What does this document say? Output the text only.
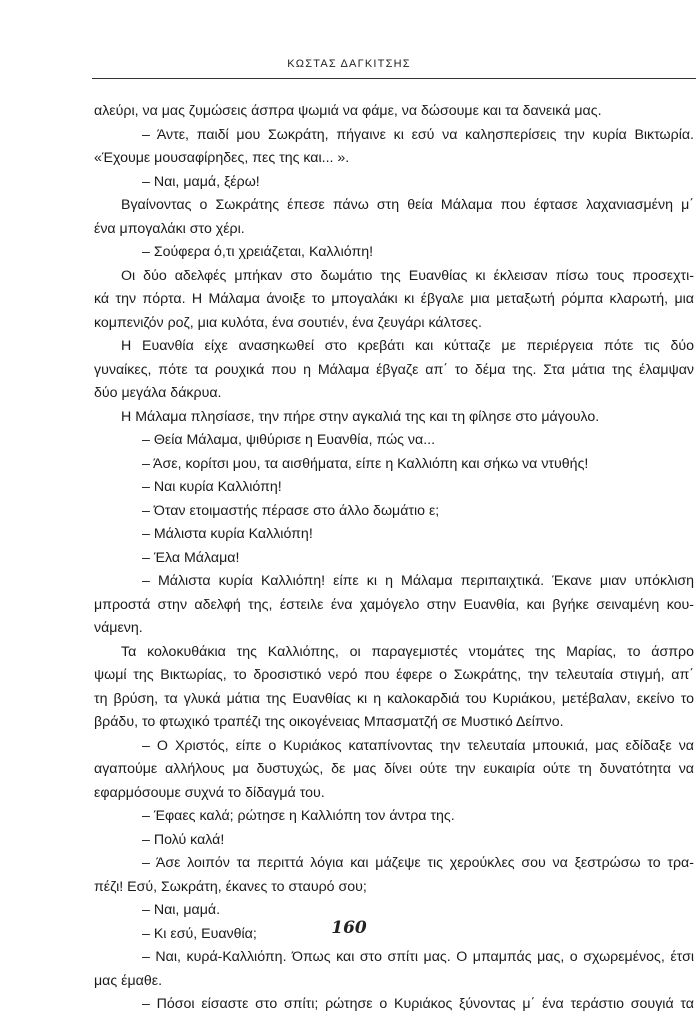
ΚΩΣΤΑΣ ΔΑΓΚΙΤΣΗΣ
αλεύρι, να μας ζυμώσεις άσπρα ψωμιά να φάμε, να δώσουμε και τα δανεικά μας.
– Άντε, παιδί μου Σωκράτη, πήγαινε κι εσύ να καλησπερίσεις την κυρία Βικτωρία.
«Έχουμε μουσαφίρηδες, πες της και... ».
– Ναι, μαμά, ξέρω!
Βγαίνοντας ο Σωκράτης έπεσε πάνω στη θεία Μάλαμα που έφτασε λαχανιασμένη μ΄
ένα μπογαλάκι στο χέρι.
– Σούφερα ό,τι χρειάζεται, Καλλιόπη!
Οι δύο αδελφές μπήκαν στο δωμάτιο της Ευανθίας κι έκλεισαν πίσω τους προσεχτι-
κά την πόρτα. Η Μάλαμα άνοιξε το μπογαλάκι κι έβγαλε μια μεταξωτή ρόμπα κλαρωτή, μια
κομπενιζόν ροζ, μια κυλότα, ένα σουτιέν, ένα ζευγάρι κάλτσες.
Η Ευανθία είχε ανασηκωθεί στο κρεβάτι και κύτταζε με περιέργεια πότε τις δύο
γυναίκες, πότε τα ρουχικά που η Μάλαμα έβγαζε απ΄ το δέμα της. Στα μάτια της έλαμψαν
δύο μεγάλα δάκρυα.
Η Μάλαμα πλησίασε, την πήρε στην αγκαλιά της και τη φίλησε στο μάγουλο.
– Θεία Μάλαμα, ψιθύρισε η Ευανθία, πώς να...
– Άσε, κορίτσι μου, τα αισθήματα, είπε η Καλλιόπη και σήκω να ντυθής!
– Ναι κυρία Καλλιόπη!
– Όταν ετοιμαστής πέρασε στο άλλο δωμάτιο ε;
– Μάλιστα κυρία Καλλιόπη!
– Έλα Μάλαμα!
– Μάλιστα κυρία Καλλιόπη! είπε κι η Μάλαμα περιπαιχτικά. Έκανε μιαν υπόκλιση
μπροστά στην αδελφή της, έστειλε ένα χαμόγελο στην Ευανθία, και βγήκε σειναμένη κου-
νάμενη.
Τα κολοκυθάκια της Καλλιόπης, οι παραγεμιστές ντομάτες της Μαρίας, το άσπρο
ψωμί της Βικτωρίας, το δροσιστικό νερό που έφερε ο Σωκράτης, την τελευταία στιγμή, απ΄
τη βρύση, τα γλυκά μάτια της Ευανθίας κι η καλοκαρδιά του Κυριάκου, μετέβαλαν, εκείνο το
βράδυ, το φτωχικό τραπέζι της οικογένειας Μπασματζή σε Μυστικό Δείπνο.
– Ο Χριστός, είπε ο Κυριάκος καταπίνοντας την τελευταία μπουκιά, μας εδίδαξε να
αγαπούμε αλλήλους μα δυστυχώς, δε μας δίνει ούτε την ευκαιρία ούτε τη δυνατότητα να
εφαρμόσουμε συχνά το δίδαγμά του.
– Έφαες καλά; ρώτησε η Καλλιόπη τον άντρα της.
– Πολύ καλά!
– Άσε λοιπόν τα περιττά λόγια και μάζεψε τις χερούκλες σου να ξεστρώσω το τρα-
πέζι! Εσύ, Σωκράτη, έκανες το σταυρό σου;
– Ναι, μαμά.
– Κι εσύ, Ευανθία;
– Ναι, κυρά-Καλλιόπη. Όπως και στο σπίτι μας. Ο μπαμπάς μας, ο σχωρεμένος, έτσι
μας έμαθε.
– Πόσοι είσαστε στο σπίτι; ρώτησε ο Κυριάκος ξύνοντας μ΄ ένα τεράστιο σουγιά τα
160
